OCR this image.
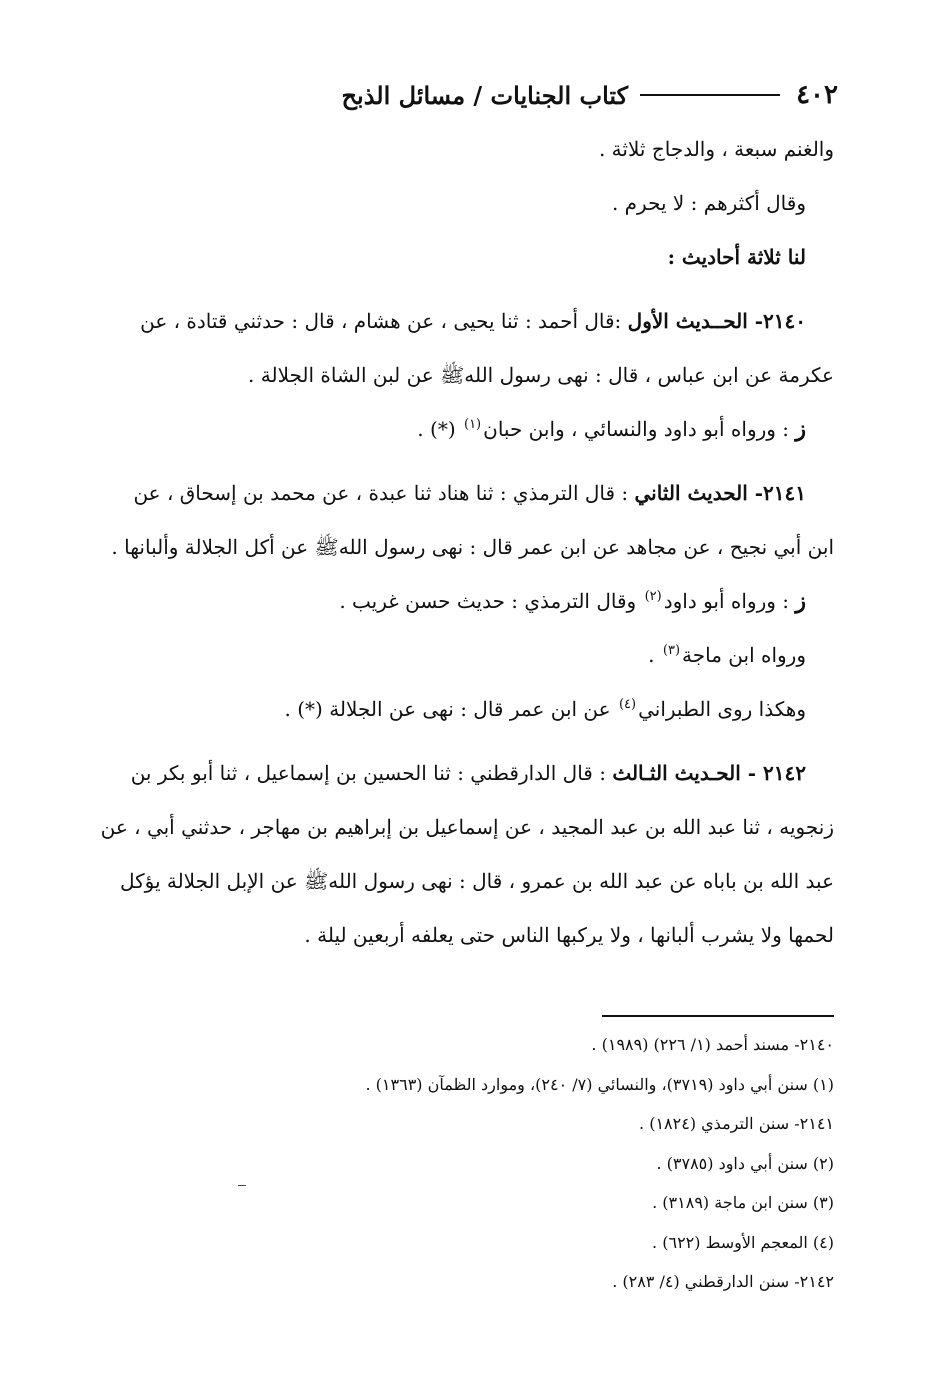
٤٠٢
كتاب الجنايات / مسائل الذبح

والغنم سبعة ، والدجاج ثلاثة .

وقال أكثرهم : لا يحرم .

لنا ثلاثة أحاديث :

٢١٤٠- الحــديث الأول :قال أحمد : ثنا يحيى ، عن هشام ، قال : حدثني قتادة ، عن

عكرمة عن ابن عباس ، قال : نهى رسول اللهﷺ عن لبن الشاة الجلالة .

ز : ورواه أبو داود والنسائي ، وابن حبان$^{(١)}$ (*) .

٢١٤١- الحديث الثاني : قال الترمذي : ثنا هناد ثنا عبدة ، عن محمد بن إسحاق ، عن

ابن أبي نجيح ، عن مجاهد عن ابن عمر قال : نهى رسول اللهﷺ عن أكل الجلالة وألبانها .

ز : ورواه أبو داود$^{(٢)}$ وقال الترمذي : حديث حسن غريب .

ورواه ابن ماجة$^{(٣)}$ .

وهكذا روى الطبراني$^{(٤)}$ عن ابن عمر قال : نهى عن الجلالة (*) .

٢١٤٢ - الحـديث الثـالث : قال الدارقطني : ثنا الحسين بن إسماعيل ، ثنا أبو بكر بن

زنجويه ، ثنا عبد الله بن عبد المجيد ، عن إسماعيل بن إبراهيم بن مهاجر ، حدثني أبي ، عن

عبد الله بن باباه عن عبد الله بن عمرو ، قال : نهى رسول اللهﷺ عن الإبل الجلالة يؤكل

لحمها ولا يشرب ألبانها ، ولا يركبها الناس حتى يعلفه أربعين ليلة .

٢١٤٠- مسند أحمد (١/ ٢٢٦) (١٩٨٩) .

(١) سنن أبي داود (٣٧١٩)، والنسائي (٧/ ٢٤٠)، وموارد الظمآن (١٣٦٣) .

٢١٤١- سنن الترمذي (١٨٢٤) .

(٢) سنن أبي داود (٣٧٨٥) .

(٣) سنن ابن ماجة (٣١٨٩) .

(٤) المعجم الأوسط (٦٢٢) .

٢١٤٢- سنن الدارقطني (٤/ ٢٨٣) .
